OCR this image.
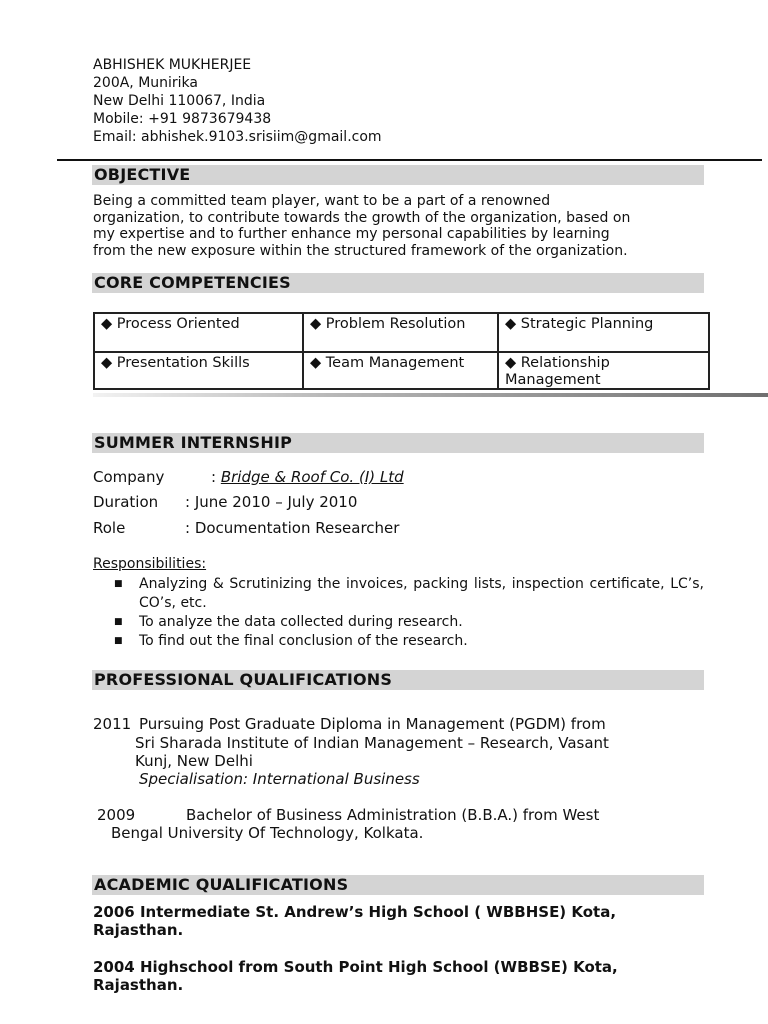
ABHISHEK MUKHERJEE
200A, Munirika
New Delhi 110067, India
Mobile: +91 9873679438
Email: abhishek.9103.srisiim@gmail.com
OBJECTIVE
Being a committed team player, want to be a part of a renowned
organization, to contribute towards the growth of the organization, based on
my expertise and to further enhance my personal capabilities by learning
from the new exposure within the structured framework of the organization.
CORE COMPETENCIES
◆ Process Oriented	◆ Problem Resolution	◆ Strategic Planning
◆ Presentation Skills	◆ Team Management	◆ Relationship Management
SUMMER INTERNSHIP
Company	: Bridge & Roof Co. (I) Ltd
Duration : June 2010 – July 2010
Role	: Documentation Researcher
Responsibilities:
■	Analyzing & Scrutinizing the invoices, packing lists, inspection certificate, LC’s, CO’s, etc.
■	To analyze the data collected during research.
■	To find out the final conclusion of the research.
PROFESSIONAL QUALIFICATIONS
2011 Pursuing Post Graduate Diploma in Management (PGDM) from
Sri Sharada Institute of Indian Management – Research, Vasant
Kunj, New Delhi
Specialisation: International Business
2009	Bachelor of Business Administration (B.B.A.) from West
Bengal University Of Technology, Kolkata.
ACADEMIC QUALIFICATIONS
2006 Intermediate St. Andrew’s High School ( WBBHSE) Kota,
Rajasthan.
2004 Highschool from South Point High School (WBBSE) Kota,
Rajasthan.
